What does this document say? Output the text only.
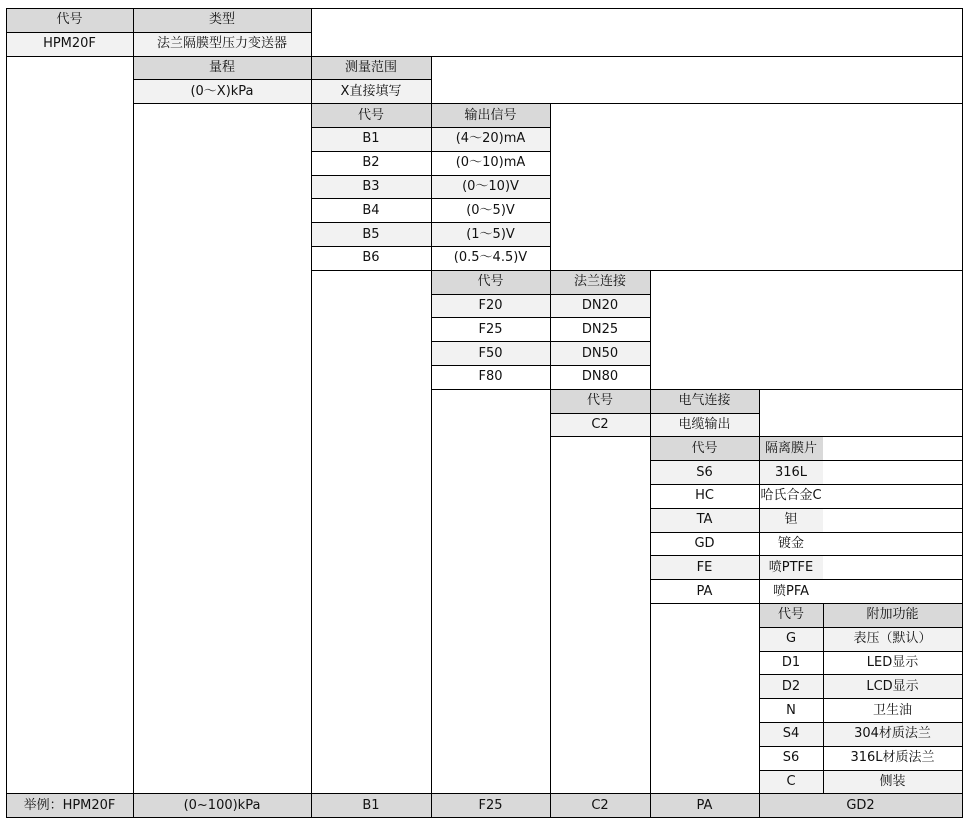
代号	类型
HPM20F	法兰隔膜型压力变送器
量程	测量范围
(0～X)kPa	X直接填写
代号	输出信号
B1	(4～20)mA
B2	(0～10)mA
B3	(0～10)V
B4	(0～5)V
B5	(1～5)V
B6	(0.5～4.5)V
代号	法兰连接
F20	DN20
F25	DN25
F50	DN50
F80	DN80
代号	电气连接
C2	电缆输出
代号	隔离膜片
S6	316L
HC	哈氏合金C
TA	钽
GD	镀金
FE	喷PTFE
PA	喷PFA
代号	附加功能
G	表压（默认）
D1	LED显示
D2	LCD显示
N	卫生油
S4	304材质法兰
S6	316L材质法兰
C	侧装
举例：HPM20F	(0~100)kPa	B1	F25	C2	PA	GD2
